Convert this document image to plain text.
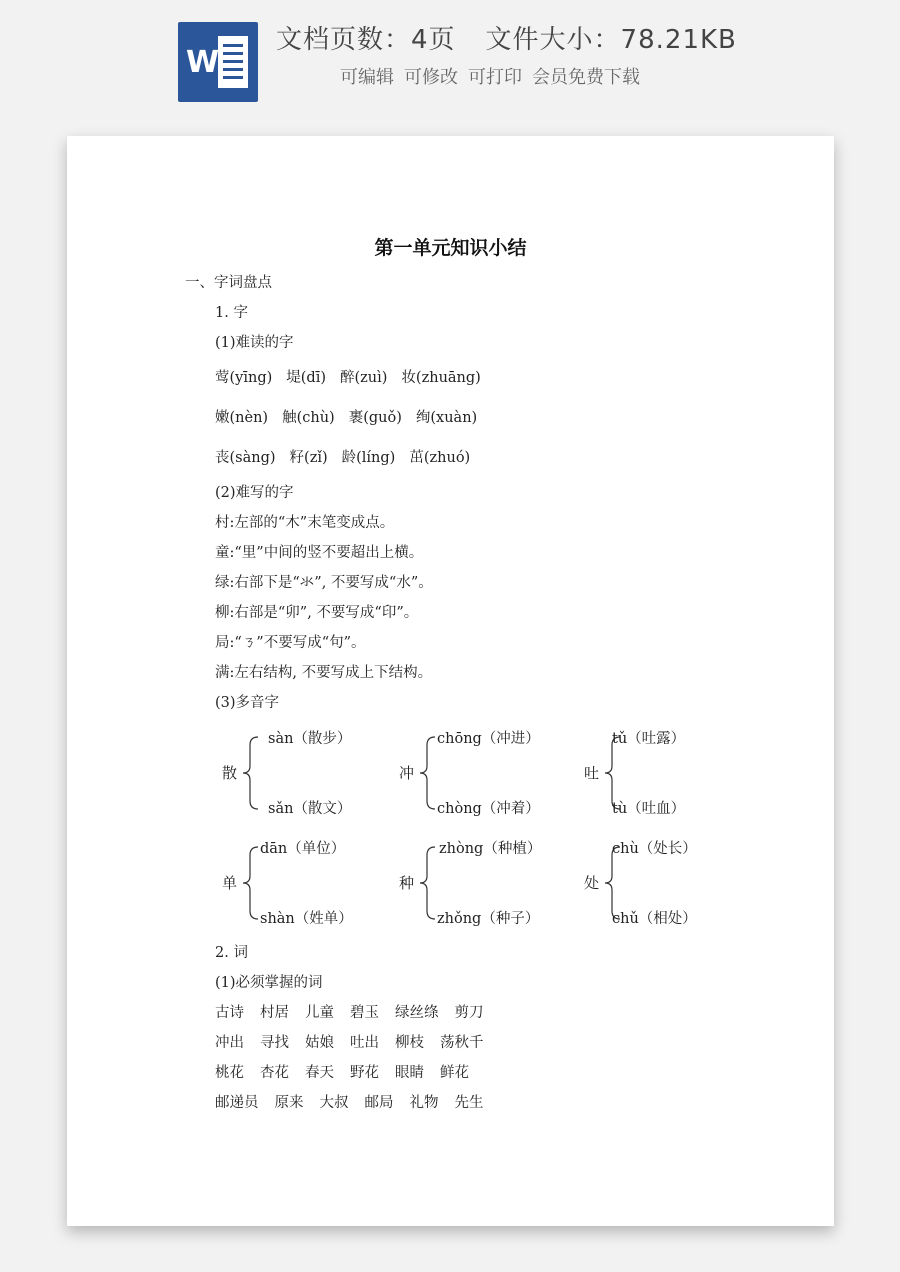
W
文档页数：4页 文件大小：78.21KB
可编辑 可修改 可打印 会员免费下载
第一单元知识小结
一、字词盘点
1. 字
(1)难读的字
莺(yīng) 堤(dī) 醉(zuì) 妆(zhuāng)
嫩(nèn) 触(chù) 裹(guǒ) 绚(xuàn)
丧(sàng) 籽(zǐ) 龄(líng) 茁(zhuó)
(2)难写的字
村:左部的“木”末笔变成点。
童:“里”中间的竖不要超出上横。
绿:右部下是“氺”, 不要写成“水”。
柳:右部是“卯”, 不要写成“印”。
局:“ㄋ”不要写成“句”。
满:左右结构, 不要写成上下结构。
(3)多音字
散
sàn（散步）
sǎn（散文）
冲
chōng（冲进）
chòng（冲着）
吐
tǔ（吐露）
tù（吐血）
单
dān（单位）
shàn（姓单）
种
zhòng（种植）
zhǒng（种子）
处
chù（处长）
chǔ（相处）
2. 词
(1)必须掌握的词
古诗 村居 儿童 碧玉 绿丝绦 剪刀
冲出 寻找 姑娘 吐出 柳枝 荡秋千
桃花 杏花 春天 野花 眼睛 鲜花
邮递员 原来 大叔 邮局 礼物 先生
